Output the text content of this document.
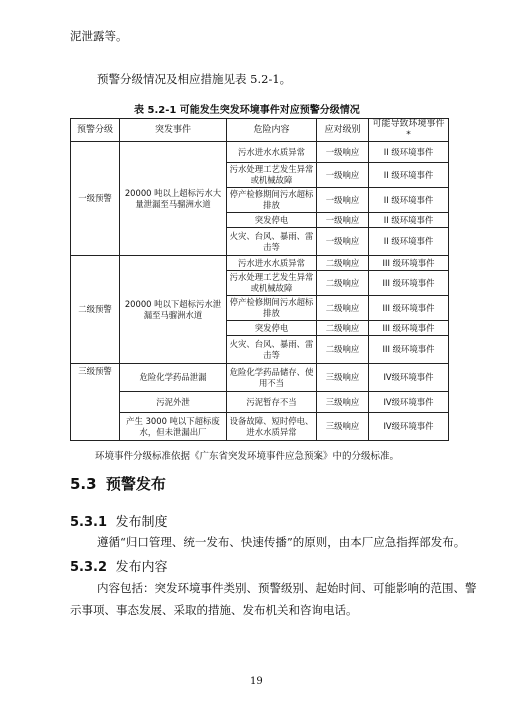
泥泄露等。
预警分级情况及相应措施见表 5.2-1。
表 5.2-1 可能发生突发环境事件对应预警分级情况
预警分级	突发事件	危险内容	应对级别	可能导致环境事件*
一级预警	20000 吨以上超标污水大量泄漏至马骝洲水道	污水进水水质异常	一级响应	II 级环境事件
		污水处理工艺发生异常或机械故障	一级响应	II 级环境事件
		停产检修期间污水超标排放	一级响应	II 级环境事件
		突发停电	一级响应	II 级环境事件
		火灾、台风、暴雨、雷击等	一级响应	II 级环境事件
二级预警	20000 吨以下超标污水泄漏至马骝洲水道	污水进水水质异常	二级响应	III 级环境事件
		污水处理工艺发生异常或机械故障	二级响应	III 级环境事件
		停产检修期间污水超标排放	二级响应	III 级环境事件
		突发停电	二级响应	III 级环境事件
		火灾、台风、暴雨、雷击等	二级响应	III 级环境事件
三级预警	危险化学药品泄漏	危险化学药品储存、使用不当	三级响应	IV级环境事件
	污泥外泄	污泥暂存不当	三级响应	IV级环境事件
	产生 3000 吨以下超标废水，但未泄漏出厂	设备故障、短时停电、进水水质异常	三级响应	IV级环境事件
环境事件分级标准依据《广东省突发环境事件应急预案》中的分级标准。
5.3 预警发布
5.3.1 发布制度
遵循“归口管理、统一发布、快速传播”的原则，由本厂应急指挥部发布。
5.3.2 发布内容
内容包括：突发环境事件类别、预警级别、起始时间、可能影响的范围、警
示事项、事态发展、采取的措施、发布机关和咨询电话。
19
